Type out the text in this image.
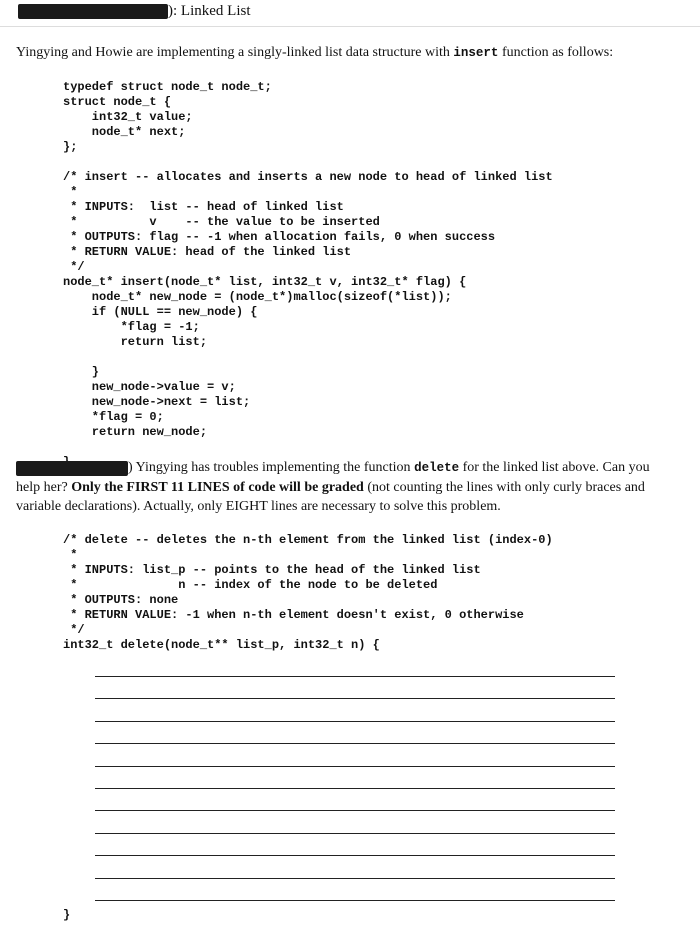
): Linked List
Yingying and Howie are implementing a singly-linked list data structure with insert function as follows:
typedef struct node_t node_t;
struct node_t {
int32_t value;
node_t* next;
};

/* insert -- allocates and inserts a new node to head of linked list
*
* INPUTS:  list -- head of linked list
*          v    -- the value to be inserted
* OUTPUTS: flag -- -1 when allocation fails, 0 when success
* RETURN VALUE: head of the linked list
*/
node_t* insert(node_t* list, int32_t v, int32_t* flag) {
node_t* new_node = (node_t*)malloc(sizeof(*list));
if (NULL == new_node) {
*flag = -1;
return list;

}
new_node->value = v;
new_node->next = list;
*flag = 0;
return new_node;

) Yingying has troubles implementing the function delete for the linked list above. Can you help her? Only the FIRST 11 LINES of code will be graded (not counting the lines with only curly braces and variable declarations). Actually, only EIGHT lines are necessary to solve this problem.
/* delete -- deletes the n-th element from the linked list (index-0)
*
* INPUTS: list_p -- points to the head of the linked list
*              n -- index of the node to be deleted
* OUTPUTS: none
* RETURN VALUE: -1 when n-th element doesn't exist, 0 otherwise
*/
int32_t delete(node_t** list_p, int32_t n) {
}
